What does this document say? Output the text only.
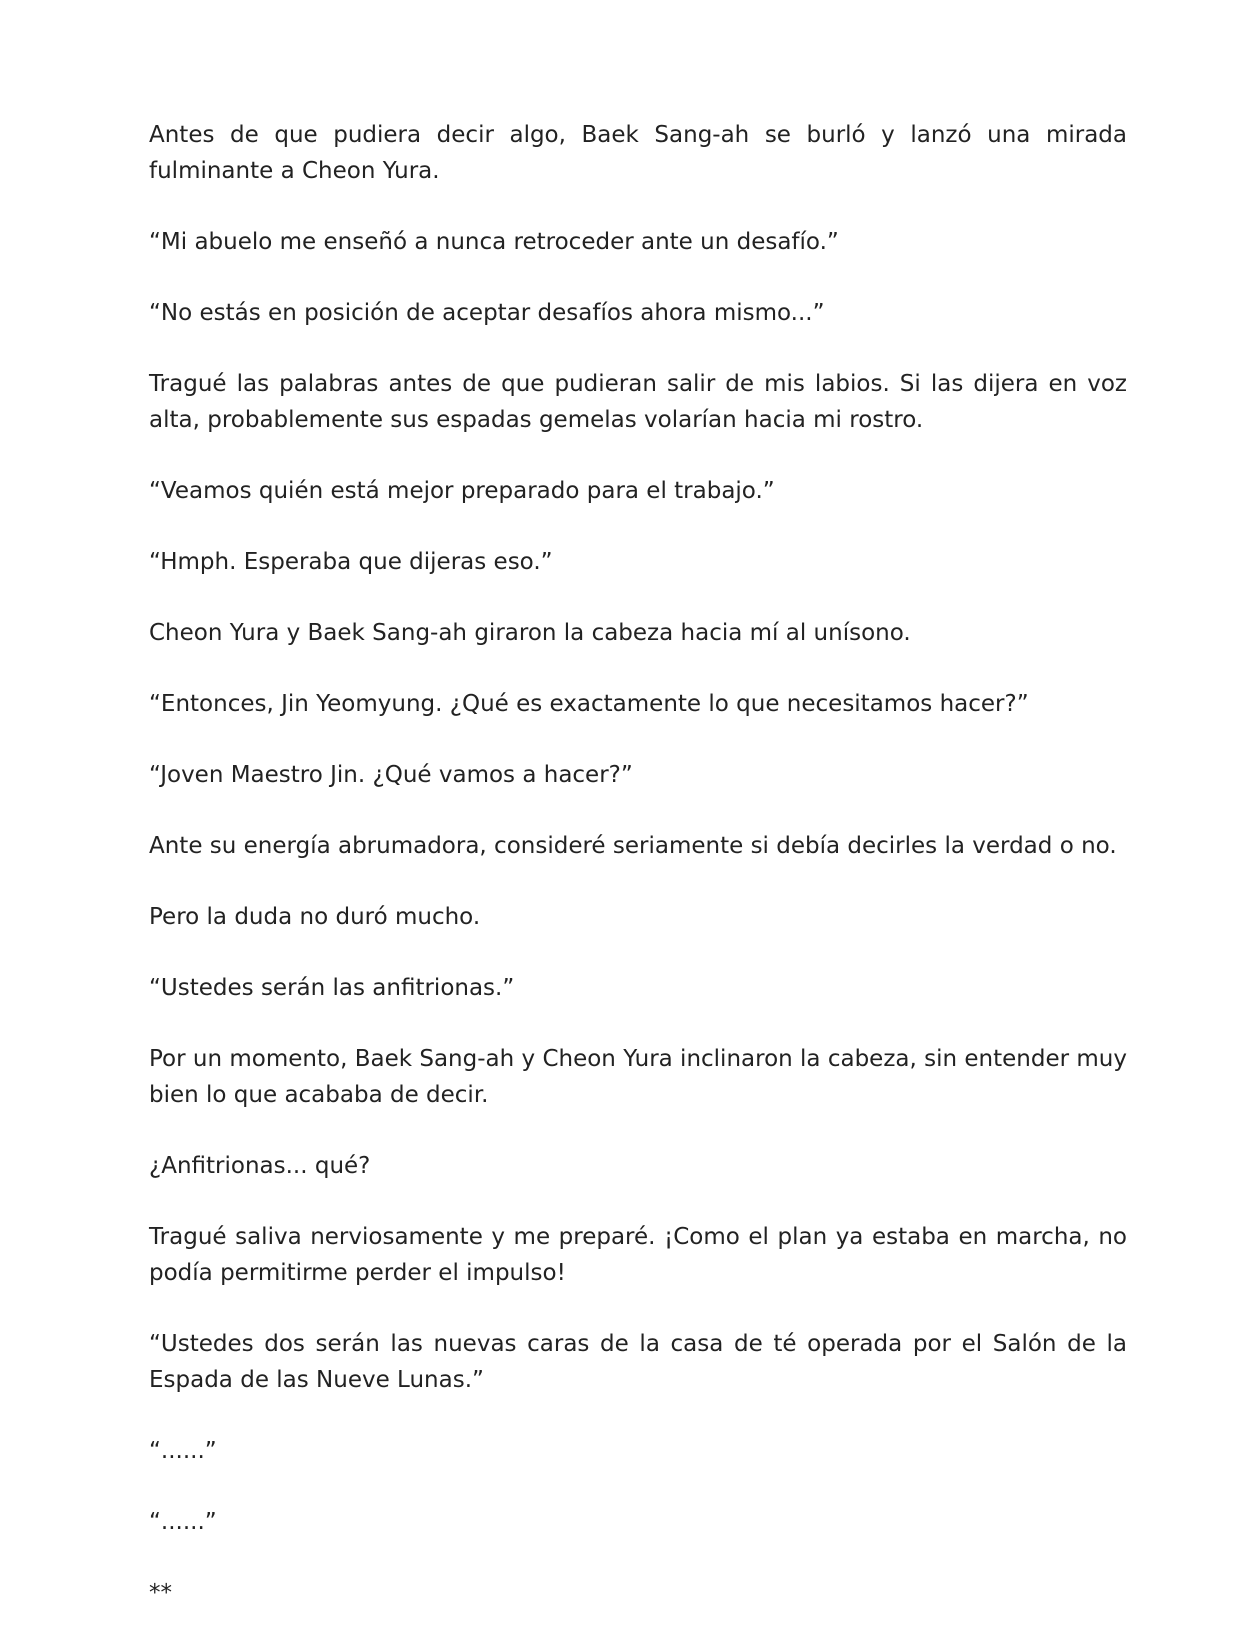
Antes de que pudiera decir algo, Baek Sang-ah se burló y lanzó una mirada fulminante a Cheon Yura.

“Mi abuelo me enseñó a nunca retroceder ante un desafío.”

“No estás en posición de aceptar desafíos ahora mismo...”

Tragué las palabras antes de que pudieran salir de mis labios. Si las dijera en voz alta, probablemente sus espadas gemelas volarían hacia mi rostro.

“Veamos quién está mejor preparado para el trabajo.”

“Hmph. Esperaba que dijeras eso.”

Cheon Yura y Baek Sang-ah giraron la cabeza hacia mí al unísono.

“Entonces, Jin Yeomyung. ¿Qué es exactamente lo que necesitamos hacer?”

“Joven Maestro Jin. ¿Qué vamos a hacer?”

Ante su energía abrumadora, consideré seriamente si debía decirles la verdad o no.

Pero la duda no duró mucho.

“Ustedes serán las anfitrionas.”

Por un momento, Baek Sang-ah y Cheon Yura inclinaron la cabeza, sin entender muy bien lo que acababa de decir.

¿Anfitrionas... qué?

Tragué saliva nerviosamente y me preparé. ¡Como el plan ya estaba en marcha, no podía permitirme perder el impulso!

“Ustedes dos serán las nuevas caras de la casa de té operada por el Salón de la Espada de las Nueve Lunas.”

“......”

“......”

**
